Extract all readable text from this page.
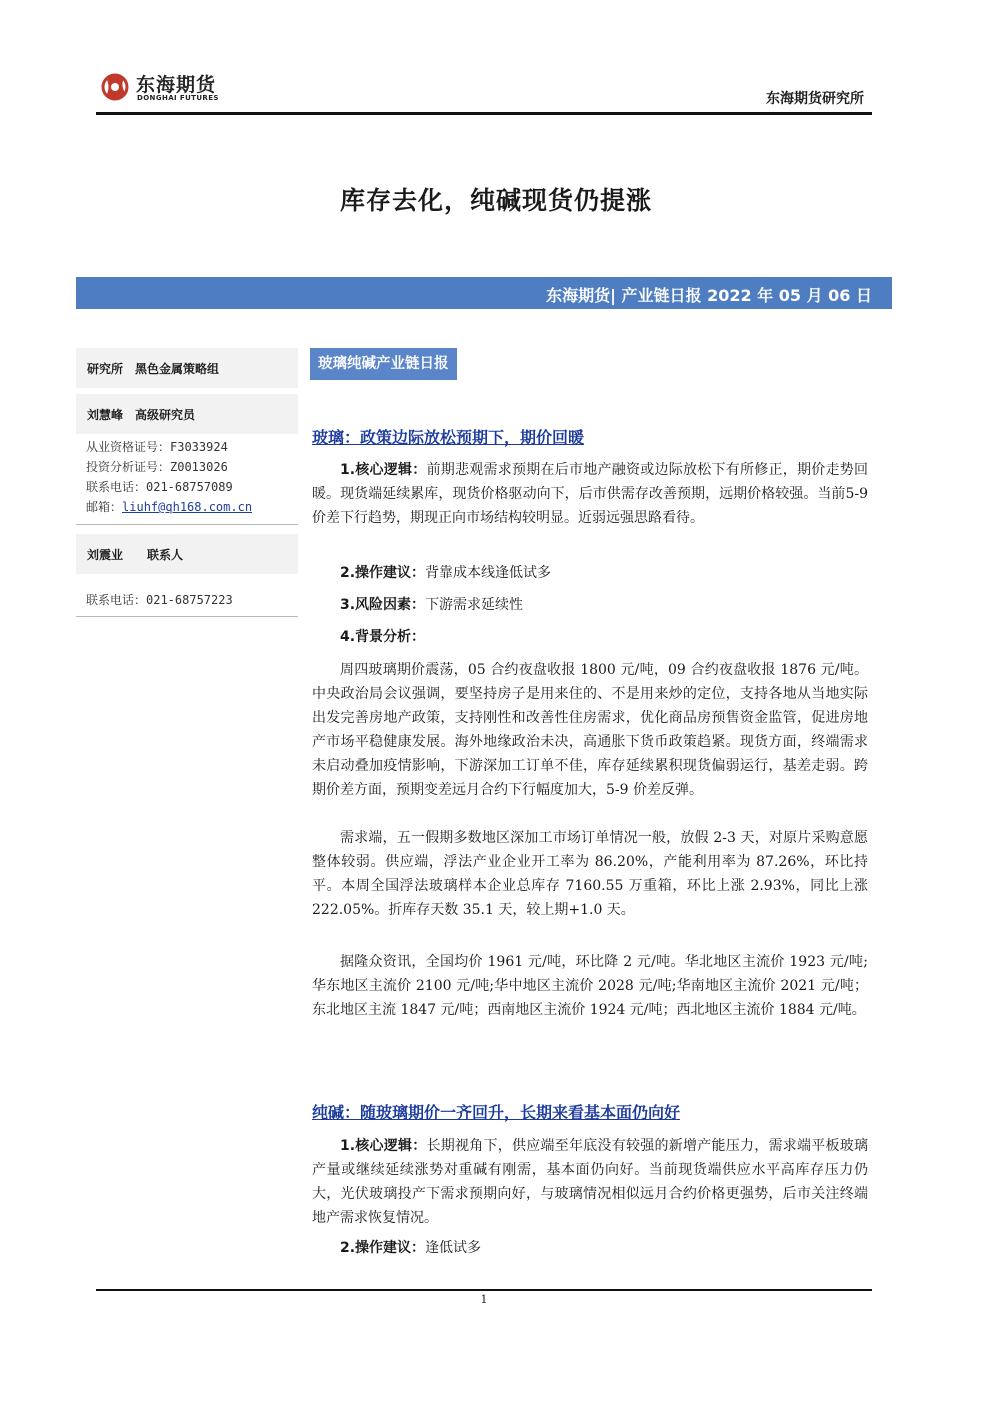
东海期货
DONGHAI FUTURES	东海期货研究所
库存去化，纯碱现货仍提涨
东海期货| 产业链日报 2022 年 05 月 06 日
研究所　黑色金属策略组
刘慧峰　高级研究员
从业资格证号：F3033924
投资分析证号：Z0013026
联系电话：021-68757089
邮箱：liuhf@qh168.com.cn
刘震业　　联系人
联系电话：021-68757223
玻璃纯碱产业链日报
玻璃：政策边际放松预期下，期价回暖
1.核心逻辑：前期悲观需求预期在后市地产融资或边际放松下有所修正，期价走势回暖。现货端延续累库，现货价格驱动向下，后市供需存改善预期，远期价格较强。当前5-9价差下行趋势，期现正向市场结构较明显。近弱远强思路看待。
2.操作建议：背靠成本线逢低试多
3.风险因素：下游需求延续性
4.背景分析：
周四玻璃期价震荡，05 合约夜盘收报 1800 元/吨，09 合约夜盘收报 1876 元/吨。中央政治局会议强调，要坚持房子是用来住的、不是用来炒的定位，支持各地从当地实际出发完善房地产政策，支持刚性和改善性住房需求，优化商品房预售资金监管，促进房地产市场平稳健康发展。海外地缘政治未决，高通胀下货币政策趋紧。现货方面，终端需求未启动叠加疫情影响，下游深加工订单不佳，库存延续累积现货偏弱运行，基差走弱。跨期价差方面，预期变差远月合约下行幅度加大，5-9 价差反弹。
需求端，五一假期多数地区深加工市场订单情况一般，放假 2-3 天，对原片采购意愿整体较弱。供应端，浮法产业企业开工率为 86.20%，产能利用率为 87.26%，环比持平。本周全国浮法玻璃样本企业总库存 7160.55 万重箱，环比上涨 2.93%，同比上涨 222.05%。折库存天数 35.1 天，较上期+1.0 天。
据隆众资讯，全国均价 1961 元/吨，环比降 2 元/吨。华北地区主流价 1923 元/吨;华东地区主流价 2100 元/吨;华中地区主流价 2028 元/吨;华南地区主流价 2021 元/吨；东北地区主流 1847 元/吨；西南地区主流价 1924 元/吨；西北地区主流价 1884 元/吨。
纯碱：随玻璃期价一齐回升，长期来看基本面仍向好
1.核心逻辑：长期视角下，供应端至年底没有较强的新增产能压力，需求端平板玻璃产量或继续延续涨势对重碱有刚需，基本面仍向好。当前现货端供应水平高库存压力仍大，光伏玻璃投产下需求预期向好，与玻璃情况相似远月合约价格更强势，后市关注终端地产需求恢复情况。
2.操作建议：逢低试多
1
